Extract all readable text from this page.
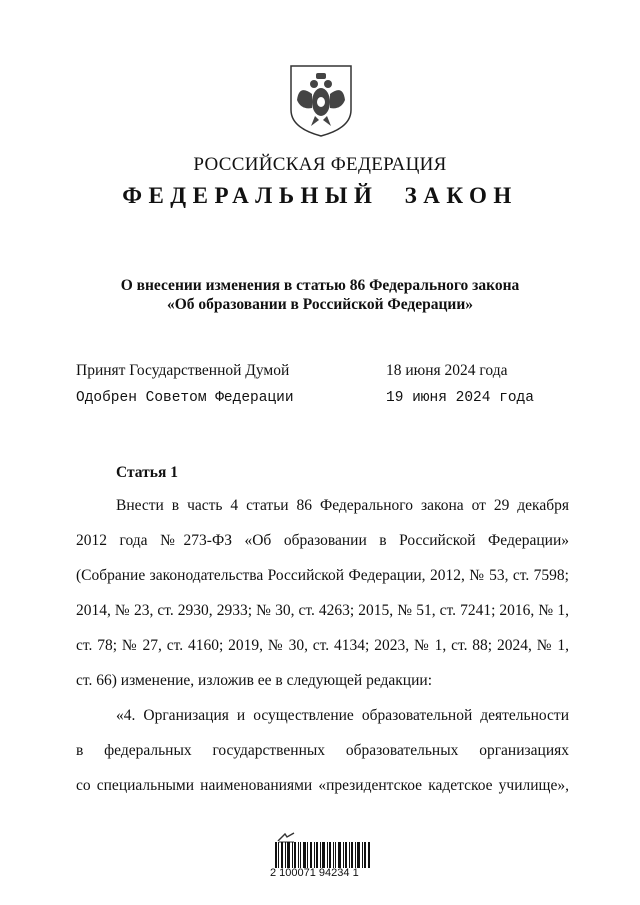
РОССИЙСКАЯ ФЕДЕРАЦИЯ
ФЕДЕРАЛЬНЫЙ ЗАКОН
О внесении изменения в статью 86 Федерального закона
«Об образовании в Российской Федерации»
Принят Государственной Думой	18 июня 2024 года
Одобрен Советом Федерации	19 июня 2024 года
Статья 1
Внести в часть 4 статьи 86 Федерального закона от 29 декабря
2012 года №273-ФЗ «Об образовании в Российской Федерации»
(Собрание законодательства Российской Федерации, 2012, № 53, ст. 7598;
2014, № 23, ст. 2930, 2933; № 30, ст. 4263; 2015, № 51, ст. 7241; 2016, № 1,
ст. 78; № 27, ст. 4160; 2019, № 30, ст. 4134; 2023, № 1, ст. 88; 2024, № 1,
ст. 66) изменение, изложив ее в следующей редакции:
«4. Организация и осуществление образовательной деятельности
в федеральных государственных образовательных организациях
со специальными наименованиями «президентское кадетское училище»,
2 100071 94234 1
